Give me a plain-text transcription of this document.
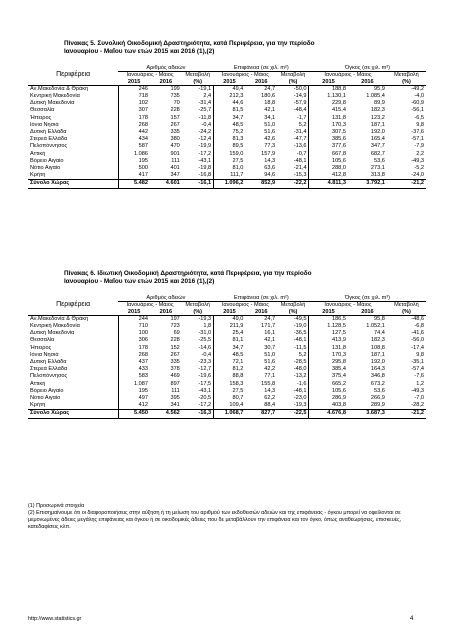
Πίνακας 5. Συνολική Οικοδομική Δραστηριότητα, κατά Περιφέρεια, για την περίοδο
Ιανουαρίου - Μαΐου των ετών 2015 και 2016 (1),(2)
Περιφέρεια	Αριθμός αδειών			Επιφάνεια (σε χιλ. m²)			Όγκος (σε χιλ. m³)		
	Ιανουάριος - Μάιος		Μεταβολή	Ιανουάριος - Μάιος		Μεταβολή	Ιανουάριος - Μάιος		Μεταβολή
	2015	2016	(%)	2015	2016	(%)	2015	2016	(%)
Αν.Μακεδονία & Θράκη	246	199	-19,1	49,4	24,7	-50,0	188,8	95,9	-49,2
Κεντρική Μακεδονία	718	735	2,4	212,3	180,6	-14,9	1.130,1	1.085,4	-4,0
Δυτική Μακεδονία	102	70	-31,4	44,6	18,8	-57,9	229,8	89,9	-60,9
Θεσσαλία	307	228	-25,7	81,5	42,1	-48,4	415,4	182,3	-56,1
Ήπειρος	178	157	-11,8	34,7	34,1	-1,7	131,8	123,2	-6,5
Ιόνια Νησιά	268	267	-0,4	48,5	51,0	5,2	170,3	187,1	9,8
Δυτική Ελλάδα	442	335	-24,2	75,2	51,6	-31,4	307,5	192,0	-37,6
Στερεά Ελλάδα	434	380	-12,4	81,3	42,6	-47,7	385,6	165,4	-57,1
Πελοπόννησος	587	470	-19,9	89,5	77,3	-13,6	377,6	347,7	-7,9
Αττική	1.086	901	-17,2	159,0	157,9	-0,7	667,8	682,7	2,2
Βόρειο Αιγαίο	195	111	-43,1	27,5	14,3	-48,1	105,6	53,6	-49,3
Νότιο Αιγαίο	500	401	-19,8	81,0	63,6	-21,4	288,0	273,1	-5,2
Κρήτη	417	347	-16,8	111,7	94,6	-15,3	412,8	313,8	-24,0
Σύνολο Χώρας	5.482	4.601	-16,1	1.096,2	852,9	-22,2	4.811,3	3.792,1	-21,2
Πίνακας 6. Ιδιωτική Οικοδομική Δραστηριότητα, κατά Περιφέρεια, για την περίοδο
Ιανουαρίου - Μαΐου των ετών 2015 και 2016 (1),(2)
Περιφέρεια	Αριθμός αδειών			Επιφάνεια (σε χιλ. m²)			Όγκος (σε χιλ. m³)		
	Ιανουάριος - Μάιος		Μεταβολή	Ιανουάριος - Μάιος		Μεταβολή	Ιανουάριος - Μάιος		Μεταβολή
	2015	2016	(%)	2015	2016	(%)	2015	2016	(%)
Αν.Μακεδονία & Θράκη	244	197	-19,3	49,0	24,7	-49,5	186,5	95,8	-48,6
Κεντρική Μακεδονία	710	723	1,8	211,9	171,7	-19,0	1.128,5	1.052,1	-6,8
Δυτική Μακεδονία	100	69	-31,0	25,4	16,1	-36,5	127,5	74,4	-41,6
Θεσσαλία	306	228	-25,5	81,1	42,1	-48,1	413,9	182,3	-56,0
Ήπειρος	178	152	-14,6	34,7	30,7	-11,5	131,8	108,8	-17,4
Ιόνια Νησιά	268	267	-0,4	48,5	51,0	5,2	170,3	187,1	9,8
Δυτική Ελλάδα	437	335	-23,3	72,1	51,6	-28,5	295,8	192,0	-35,1
Στερεά Ελλάδα	433	378	-12,7	81,2	42,2	-48,0	385,4	164,3	-57,4
Πελοπόννησος	583	469	-19,6	88,8	77,1	-13,2	375,4	346,8	-7,6
Αττική	1.087	897	-17,5	158,3	155,8	-1,6	665,2	673,2	1,2
Βόρειο Αιγαίο	195	111	-43,1	27,5	14,3	-48,1	105,6	53,6	-49,3
Νότιο Αιγαίο	497	395	-20,5	80,7	62,2	-23,0	286,9	266,9	-7,0
Κρήτη	412	341	-17,2	109,4	88,4	-19,3	403,8	289,9	-28,2
Σύνολο Χώρας	5.450	4.562	-16,3	1.068,7	827,7	-22,5	4.676,8	3.687,3	-21,2
(1) Προσωρινά στοιχεία
(2) Επισημαίνουμε ότι οι διαφοροποιήσεις στην αύξηση ή τη μείωση του αριθμού των εκδοθεισών αδειών και της επιφάνειας - όγκου μπορεί να οφείλονται σε μεμονωμένες άδειες μεγάλης επιφάνειας και όγκου ή σε οικοδομικές άδειες που δε μεταβάλλουν την επιφάνεια και τον όγκο, όπως αναθεωρήσεις, επισκευές, κατεδαφίσεις κλπ.
http://www.statistics.gr	4
